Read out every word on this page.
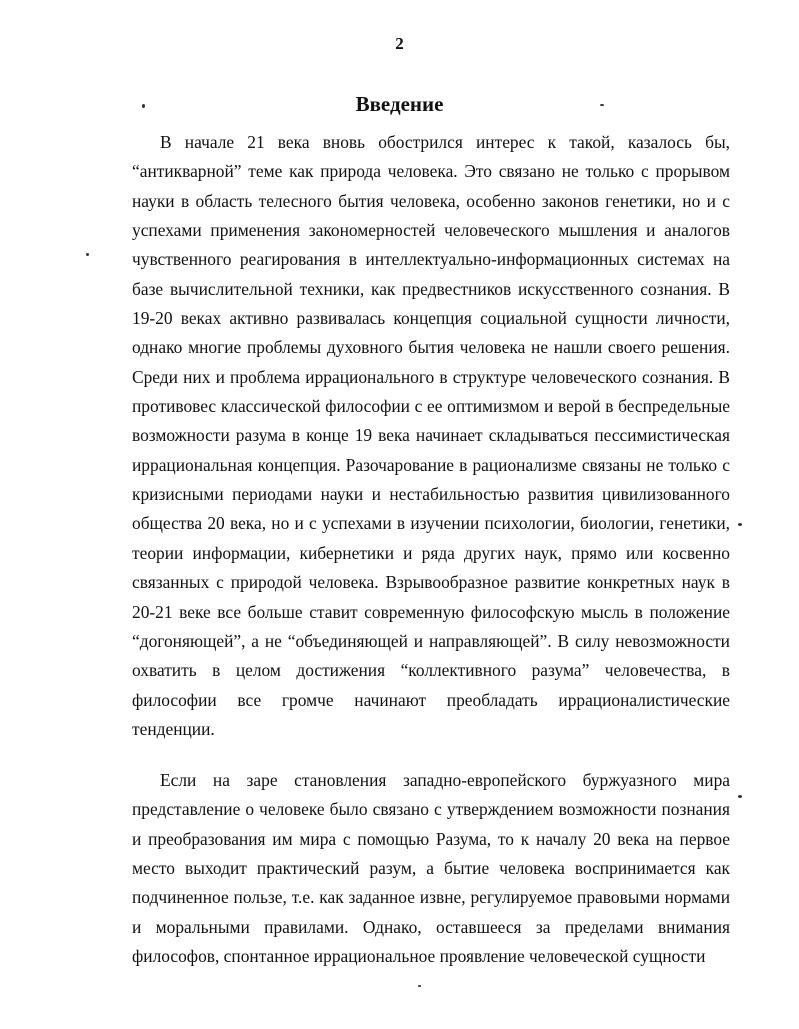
2
Введение

В начале 21 века вновь обострился интерес к такой, казалось бы, “антикварной” теме как природа человека. Это связано не только с прорывом науки в область телесного бытия человека, особенно законов генетики, но и с успехами применения закономерностей человеческого мышления и аналогов чувственного реагирования в интеллектуально-информационных системах на базе вычислительной техники, как предвестников искусственного сознания. В 19-20 веках активно развивалась концепция социальной сущности личности, однако многие проблемы духовного бытия человека не нашли своего решения. Среди них и проблема иррационального в структуре человеческого сознания. В противовес классической философии с ее оптимизмом и верой в беспредельные возможности разума в конце 19 века начинает складываться пессимистическая иррациональная концепция. Разочарование в рационализме связаны не только с кризисными периодами науки и нестабильностью развития цивилизованного общества 20 века, но и с успехами в изучении психологии, биологии, генетики, теории информации, кибернетики и ряда других наук, прямо или косвенно связанных с природой человека. Взрывообразное развитие конкретных наук в 20-21 веке все больше ставит современную философскую мысль в положение “догоняющей”, а не “объединяющей и направляющей”. В силу невозможности охватить в целом достижения “коллективного разума” человечества, в философии все громче начинают преобладать иррационалистические тенденции.

Если на заре становления западно-европейского буржуазного мира представление о человеке было связано с утверждением возможности познания и преобразования им мира с помощью Разума, то к началу 20 века на первое место выходит практический разум, а бытие человека воспринимается как подчиненное пользе, т.е. как заданное извне, регулируемое правовыми нормами и моральными правилами. Однако, оставшееся за пределами внимания философов, спонтанное иррациональное проявление человеческой сущности
